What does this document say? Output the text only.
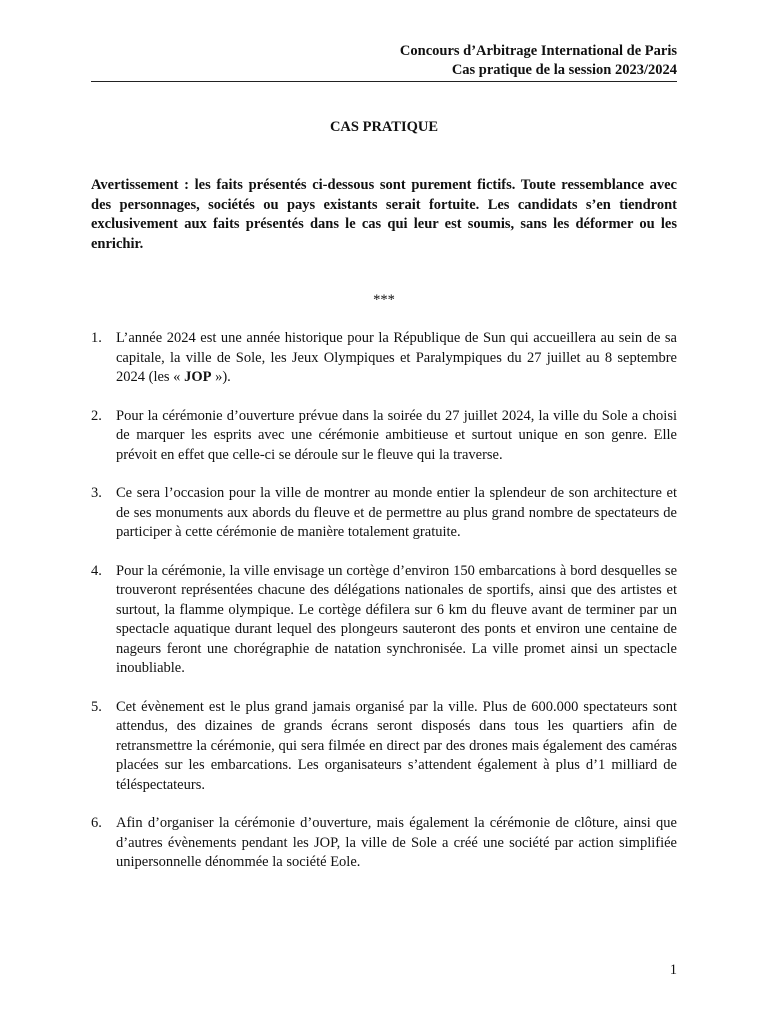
Concours d’Arbitrage International de Paris
Cas pratique de la session 2023/2024
CAS PRATIQUE
Avertissement : les faits présentés ci-dessous sont purement fictifs. Toute ressemblance avec des personnages, sociétés ou pays existants serait fortuite. Les candidats s’en tiendront exclusivement aux faits présentés dans le cas qui leur est soumis, sans les déformer ou les enrichir.
***
1. L’année 2024 est une année historique pour la République de Sun qui accueillera au sein de sa capitale, la ville de Sole, les Jeux Olympiques et Paralympiques du 27 juillet au 8 septembre 2024 (les « JOP »).
2. Pour la cérémonie d’ouverture prévue dans la soirée du 27 juillet 2024, la ville du Sole a choisi de marquer les esprits avec une cérémonie ambitieuse et surtout unique en son genre. Elle prévoit en effet que celle-ci se déroule sur le fleuve qui la traverse.
3. Ce sera l’occasion pour la ville de montrer au monde entier la splendeur de son architecture et de ses monuments aux abords du fleuve et de permettre au plus grand nombre de spectateurs de participer à cette cérémonie de manière totalement gratuite.
4. Pour la cérémonie, la ville envisage un cortège d’environ 150 embarcations à bord desquelles se trouveront représentées chacune des délégations nationales de sportifs, ainsi que des artistes et surtout, la flamme olympique. Le cortège défilera sur 6 km du fleuve avant de terminer par un spectacle aquatique durant lequel des plongeurs sauteront des ponts et environ une centaine de nageurs feront une chorégraphie de natation synchronisée. La ville promet ainsi un spectacle inoubliable.
5. Cet évènement est le plus grand jamais organisé par la ville. Plus de 600.000 spectateurs sont attendus, des dizaines de grands écrans seront disposés dans tous les quartiers afin de retransmettre la cérémonie, qui sera filmée en direct par des drones mais également des caméras placées sur les embarcations. Les organisateurs s’attendent également à plus d’1 milliard de téléspectateurs.
6. Afin d’organiser la cérémonie d’ouverture, mais également la cérémonie de clôture, ainsi que d’autres évènements pendant les JOP, la ville de Sole a créé une société par action simplifiée unipersonnelle dénommée la société Eole.
1
